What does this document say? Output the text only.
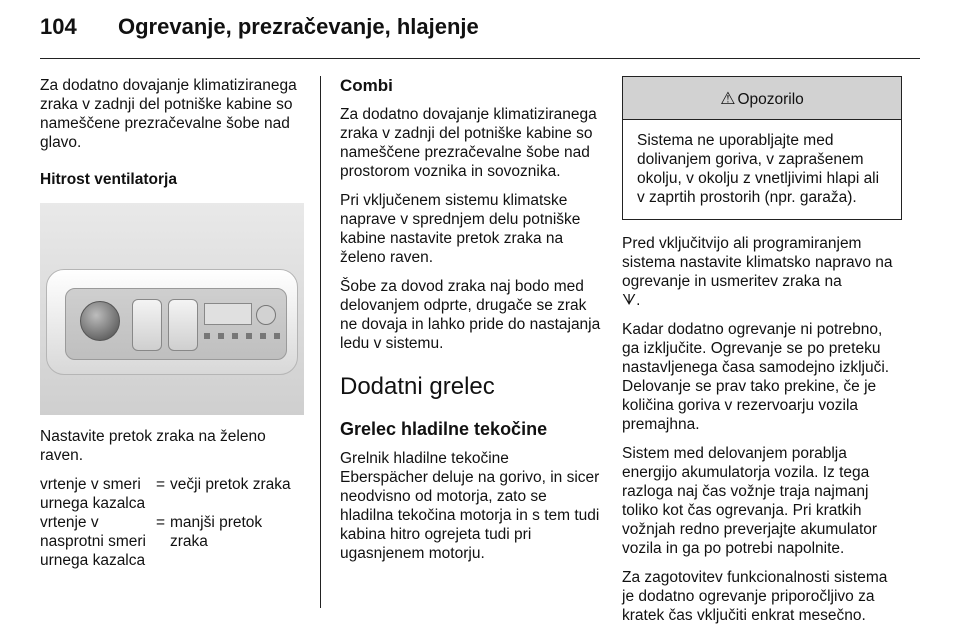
104 Ogrevanje, prezračevanje, hlajenje

Za dodatno dovajanje klimatiziranega zraka v zadnji del potniške kabine so nameščene prezračevalne šobe nad glavo.

Hitrost ventilatorja

Nastavite pretok zraka na želeno raven.

vrtenje v smeri urnega kazalca
= večji pretok zraka
vrtenje v nasprotni smeri urnega kazalca
= manjši pretok zraka

Combi

Za dodatno dovajanje klimatiziranega zraka v zadnji del potniške kabine so nameščene prezračevalne šobe nad prostorom voznika in sovoznika.

Pri vključenem sistemu klimatske naprave v sprednjem delu potniške kabine nastavite pretok zraka na želeno raven.

Šobe za dovod zraka naj bodo med delovanjem odprte, drugače se zrak ne dovaja in lahko pride do nastajanja ledu v sistemu.

Dodatni grelec

Grelec hladilne tekočine

Grelnik hladilne tekočine

Eberspächer deluje na gorivo, in sicer neodvisno od motorja, zato se hladilna tekočina motorja in s tem tudi kabina hitro ogrejeta tudi pri ugasnjenem motorju.

⚠ Opozorilo
Sistema ne uporabljajte med dolivanjem goriva, v zaprašenem okolju, v okolju z vnetljivimi hlapi ali v zaprtih prostorih (npr. garaža).

Pred vključitvijo ali programiranjem sistema nastavite klimatsko napravo na ogrevanje in usmeritev zraka na
ᗐ.

Kadar dodatno ogrevanje ni potrebno, ga izključite. Ogrevanje se po preteku nastavljenega časa samodejno izključi. Delovanje se prav tako prekine, če je količina goriva v rezervoarju vozila premajhna.

Sistem med delovanjem porablja energijo akumulatorja vozila. Iz tega razloga naj čas vožnje traja najmanj toliko kot čas ogrevanja. Pri kratkih vožnjah redno preverjajte akumulator vozila in ga po potrebi napolnite.

Za zagotovitev funkcionalnosti sistema je dodatno ogrevanje priporočljivo za kratek čas vključiti enkrat mesečno.
